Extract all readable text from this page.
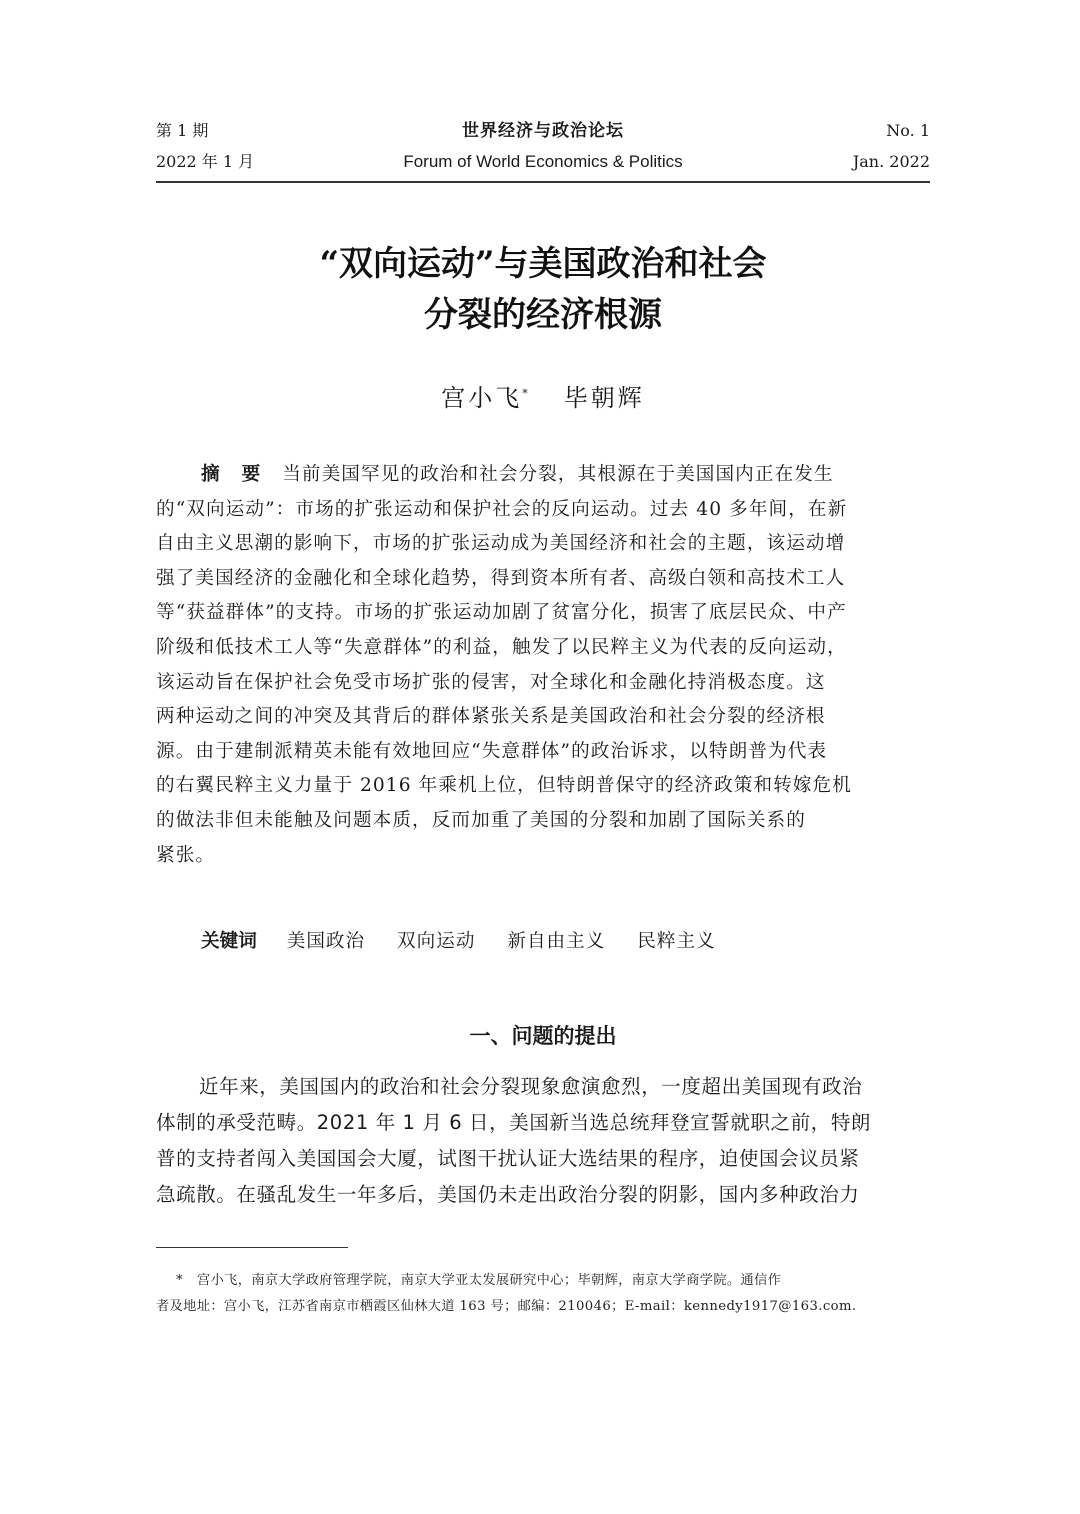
第 1 期	世界经济与政治论坛	No. 1
2022 年 1 月	Forum of World Economics & Politics	Jan. 2022
“双向运动”与美国政治和社会
分裂的经济根源
宫小飞* 毕朝辉
摘 要 当前美国罕见的政治和社会分裂，其根源在于美国国内正在发生
的“双向运动”：市场的扩张运动和保护社会的反向运动。过去 40 多年间，在新
自由主义思潮的影响下，市场的扩张运动成为美国经济和社会的主题，该运动增
强了美国经济的金融化和全球化趋势，得到资本所有者、高级白领和高技术工人
等“获益群体”的支持。市场的扩张运动加剧了贫富分化，损害了底层民众、中产
阶级和低技术工人等“失意群体”的利益，触发了以民粹主义为代表的反向运动，
该运动旨在保护社会免受市场扩张的侵害，对全球化和金融化持消极态度。这
两种运动之间的冲突及其背后的群体紧张关系是美国政治和社会分裂的经济根
源。由于建制派精英未能有效地回应“失意群体”的政治诉求，以特朗普为代表
的右翼民粹主义力量于 2016 年乘机上位，但特朗普保守的经济政策和转嫁危机
的做法非但未能触及问题本质，反而加重了美国的分裂和加剧了国际关系的
紧张。
关键词 美国政治 双向运动 新自由主义 民粹主义
一、问题的提出
近年来，美国国内的政治和社会分裂现象愈演愈烈，一度超出美国现有政治
体制的承受范畴。2021 年 1 月 6 日，美国新当选总统拜登宣誓就职之前，特朗
普的支持者闯入美国国会大厦，试图干扰认证大选结果的程序，迫使国会议员紧
急疏散。在骚乱发生一年多后，美国仍未走出政治分裂的阴影，国内多种政治力
* 宫小飞，南京大学政府管理学院，南京大学亚太发展研究中心；毕朝辉，南京大学商学院。通信作
者及地址：宫小飞，江苏省南京市栖霞区仙林大道 163 号；邮编：210046；E-mail：kennedy1917@163.com.
